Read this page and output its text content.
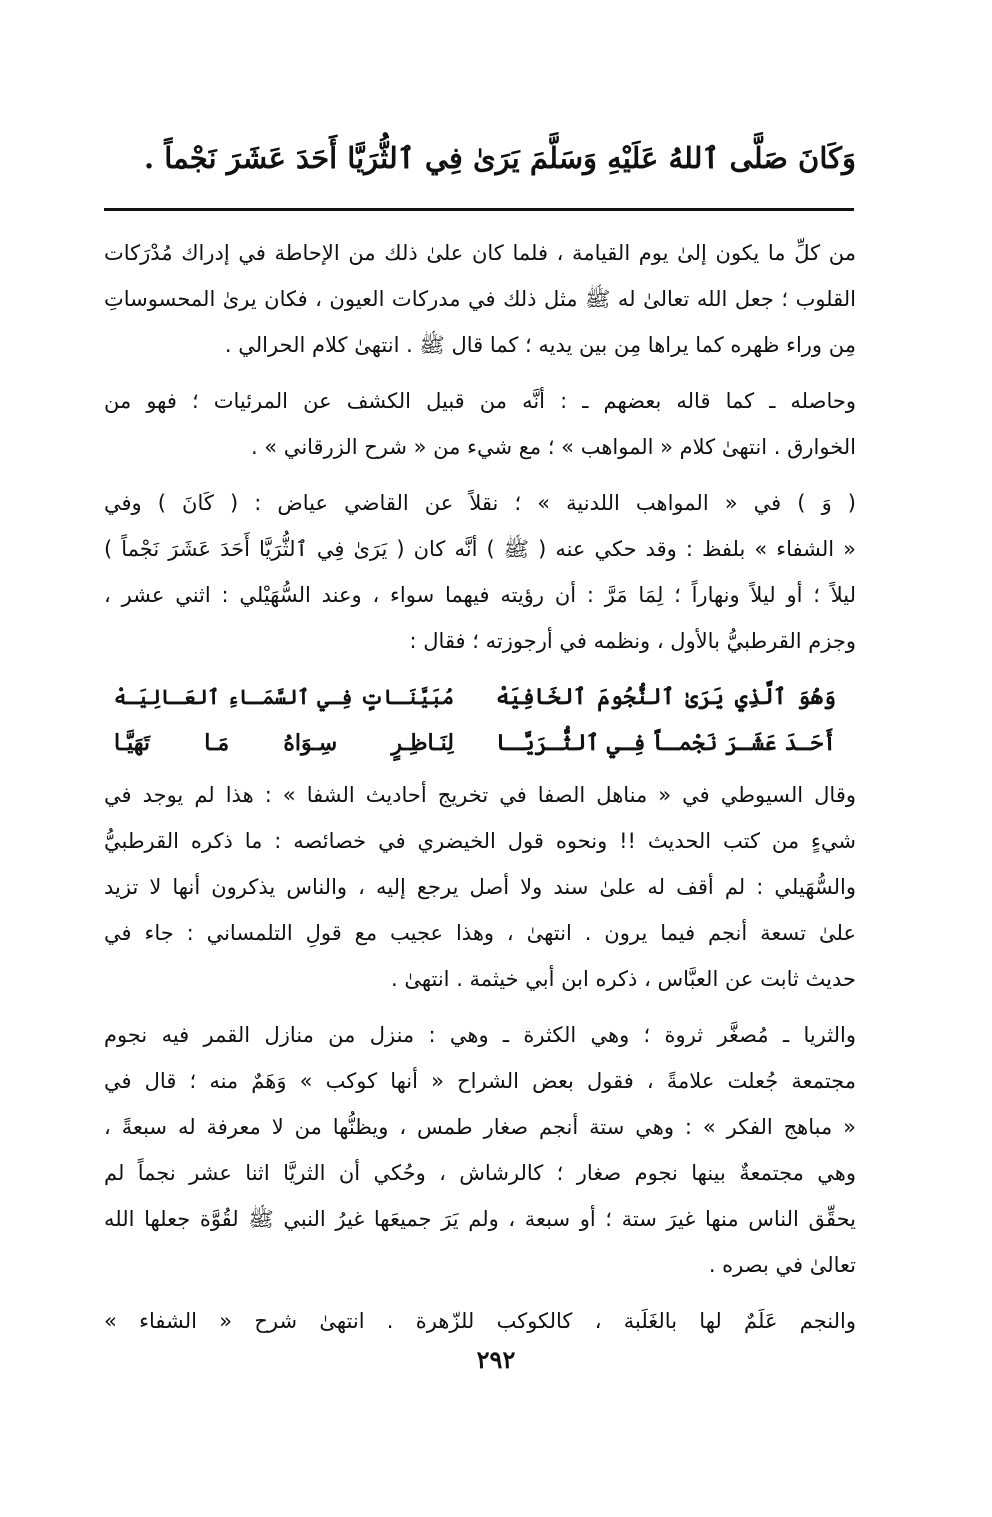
وَكَانَ صَلَّى ٱللهُ عَلَيْهِ وَسَلَّمَ يَرَىٰ فِي ٱلثُّرَيَّا أَحَدَ عَشَرَ نَجْماً .
من كلِّ ما يكون إلىٰ يوم القيامة ، فلما كان علىٰ ذلك من الإحاطة في إدراك مُدْرَكات
القلوب ؛ جعل الله تعالىٰ له ﷺ مثل ذلك في مدركات العيون ، فكان يرىٰ المحسوساتِ
مِن وراء ظهره كما يراها مِن بين يديه ؛ كما قال ﷺ . انتهىٰ كلام الحرالي .
وحاصله ـ كما قاله بعضهم ـ : أنَّه من قبيل الكشف عن المرئيات ؛ فهو من
الخوارق . انتهىٰ كلام « المواهب » ؛ مع شيء من « شرح الزرقاني » .
( وَ ) في « المواهب اللدنية » ؛ نقلاً عن القاضي عياض : ( كَانَ ) وفي
« الشفاء » بلفظ : وقد حكي عنه ( ﷺ ) أنَّه كان ( يَرَىٰ فِي ٱلثُّرَيَّا أَحَدَ عَشَرَ نَجْماً )
ليلاً ؛ أو ليلاً ونهاراً ؛ لِمَا مَرَّ : أن رؤيته فيهما سواء ، وعند السُّهَيْلي : اثني عشر ،
وجزم القرطبيُّ بالأول ، ونظمه في أرجوزته ؛ فقال :
وَهُوَ ٱلَّذِي يَرَىٰ ٱلنُّجُومَ ٱلخَافِيَهْ
مُبَيَّنَـاتٍ فِـي ٱلسَّمَـاءِ ٱلعَـالِيَـهْ
أَحَـدَ عَشَـرَ نَجْمـاً فِـي ٱلثُّـرَيَّـا
لِنَـاظِـرٍ سِـوَاهُ مَـا تَهَيَّـا
وقال السيوطي في « مناهل الصفا في تخريج أحاديث الشفا » : هذا لم يوجد في
شيءٍ من كتب الحديث !! ونحوه قول الخيضري في خصائصه : ما ذكره القرطبيُّ
والسُّهَيلي : لم أقف له علىٰ سند ولا أصل يرجع إليه ، والناس يذكرون أنها لا تزيد
علىٰ تسعة أنجم فيما يرون . انتهىٰ ، وهذا عجيب مع قولِ التلمساني : جاء في
حديث ثابت عن العبَّاس ، ذكره ابن أبي خيثمة . انتهىٰ .
والثريا ـ مُصغَّر ثروة ؛ وهي الكثرة ـ وهي : منزل من منازل القمر فيه نجوم
مجتمعة جُعلت علامةً ، فقول بعض الشراح « أنها كوكب » وَهَمٌ منه ؛ قال في
« مباهج الفكر » : وهي ستة أنجم صغار طمس ، ويظنُّها من لا معرفة له سبعةً ،
وهي مجتمعةٌ بينها نجوم صغار ؛ كالرشاش ، وحُكي أن الثريَّا اثنا عشر نجماً لم
يحقِّق الناس منها غيرَ ستة ؛ أو سبعة ، ولم يَرَ جميعَها غيرُ النبي ﷺ لقُوَّة جعلها الله
تعالىٰ في بصره .
والنجم عَلَمٌ لها بالغَلَبة ، كالكوكب للزّهرة . انتهىٰ شرح « الشفاء »
٢٩٢
